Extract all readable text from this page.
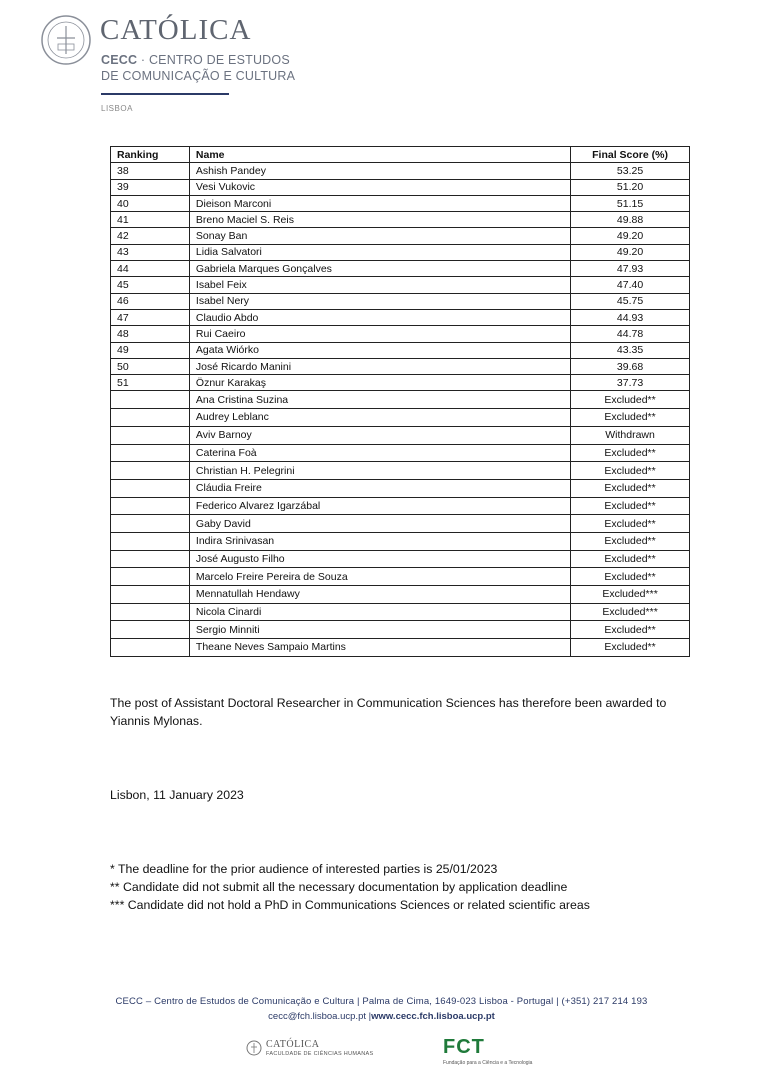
CATÓLICA
CECC · CENTRO DE ESTUDOS
DE COMUNICAÇÃO E CULTURA
LISBOA
Ranking	Name	Final Score (%)
38	Ashish Pandey	53.25
39	Vesi Vukovic	51.20
40	Dieison Marconi	51.15
41	Breno Maciel S. Reis	49.88
42	Sonay Ban	49.20
43	Lidia Salvatori	49.20
44	Gabriela Marques Gonçalves	47.93
45	Isabel Feix	47.40
46	Isabel Nery	45.75
47	Claudio Abdo	44.93
48	Rui Caeiro	44.78
49	Agata Wiórko	43.35
50	José Ricardo Manini	39.68
51	Öznur Karakaş	37.73
	Ana Cristina Suzina	Excluded**
	Audrey Leblanc	Excluded**
	Aviv Barnoy	Withdrawn
	Caterina Foà	Excluded**
	Christian H. Pelegrini	Excluded**
	Cláudia Freire	Excluded**
	Federico Alvarez Igarzábal	Excluded**
	Gaby David	Excluded**
	Indira Srinivasan	Excluded**
	José Augusto Filho	Excluded**
	Marcelo Freire Pereira de Souza	Excluded**
	Mennatullah Hendawy	Excluded***
	Nicola Cinardi	Excluded***
	Sergio Minniti	Excluded**
	Theane Neves Sampaio Martins	Excluded**
The post of Assistant Doctoral Researcher in Communication Sciences has therefore been awarded to Yiannis Mylonas.
Lisbon, 11 January 2023
* The deadline for the prior audience of interested parties is 25/01/2023
** Candidate did not submit all the necessary documentation by application deadline
*** Candidate did not hold a PhD in Communications Sciences or related scientific areas
CECC – Centro de Estudos de Comunicação e Cultura | Palma de Cima, 1649-023 Lisboa - Portugal | (+351) 217 214 193
cecc@fch.lisboa.ucp.pt |www.cecc.fch.lisboa.ucp.pt
CATÓLICA
FACULDADE DE CIÊNCIAS HUMANAS	FCT
Fundação para a Ciência e a Tecnologia
